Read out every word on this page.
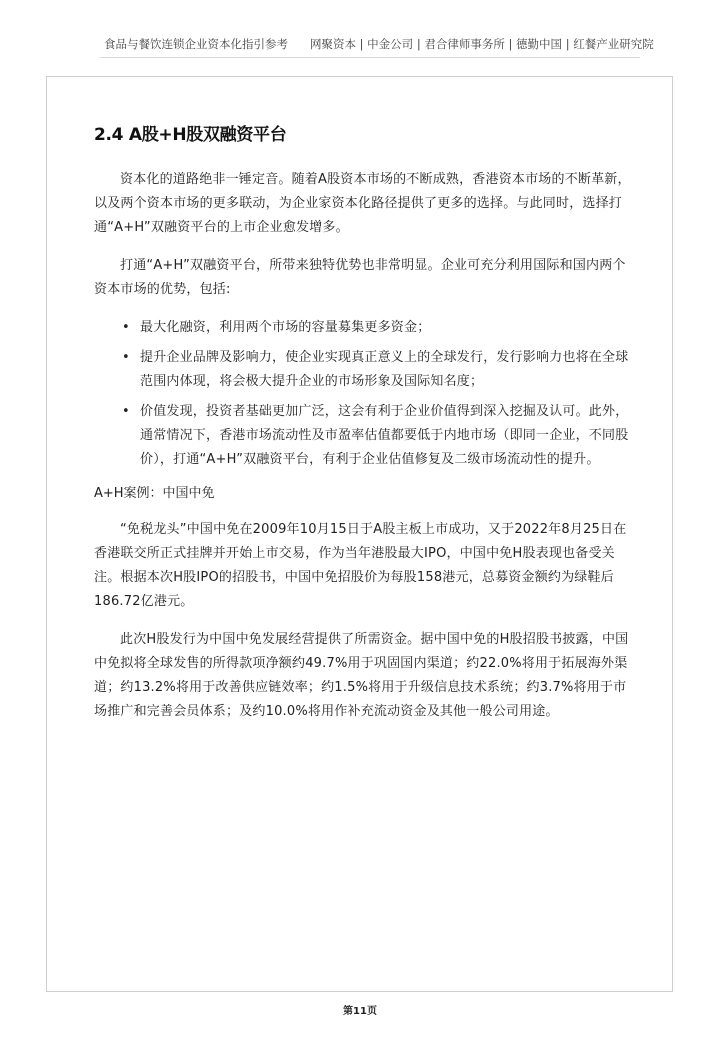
食品与餐饮连锁企业资本化指引参考 网聚资本 | 中金公司 | 君合律师事务所 | 德勤中国 | 红餐产业研究院
2.4 A股+H股双融资平台

资本化的道路绝非一锤定音。随着A股资本市场的不断成熟，香港资本市场的不断革新，以及两个资本市场的更多联动，为企业家资本化路径提供了更多的选择。与此同时，选择打通“A+H”双融资平台的上市企业愈发增多。

打通“A+H”双融资平台，所带来独特优势也非常明显。企业可充分利用国际和国内两个资本市场的优势，包括:

• 最大化融资，利用两个市场的容量募集更多资金；
• 提升企业品牌及影响力，使企业实现真正意义上的全球发行，发行影响力也将在全球范围内体现，将会极大提升企业的市场形象及国际知名度；
• 价值发现，投资者基础更加广泛，这会有利于企业价值得到深入挖掘及认可。此外，通常情况下，香港市场流动性及市盈率估值都要低于内地市场（即同一企业，不同股价），打通“A+H”双融资平台，有利于企业估值修复及二级市场流动性的提升。

A+H案例：中国中免

“免税龙头”中国中免在2009年10月15日于A股主板上市成功，又于2022年8月25日在香港联交所正式挂牌并开始上市交易，作为当年港股最大IPO，中国中免H股表现也备受关注。根据本次H股IPO的招股书，中国中免招股价为每股158港元，总募资金额约为绿鞋后186.72亿港元。

此次H股发行为中国中免发展经营提供了所需资金。据中国中免的H股招股书披露，中国中免拟将全球发售的所得款项净额约49.7%用于巩固国内渠道；约22.0%将用于拓展海外渠道；约13.2%将用于改善供应链效率；约1.5%将用于升级信息技术系统；约3.7%将用于市场推广和完善会员体系；及约10.0%将用作补充流动资金及其他一般公司用途。

第11页
